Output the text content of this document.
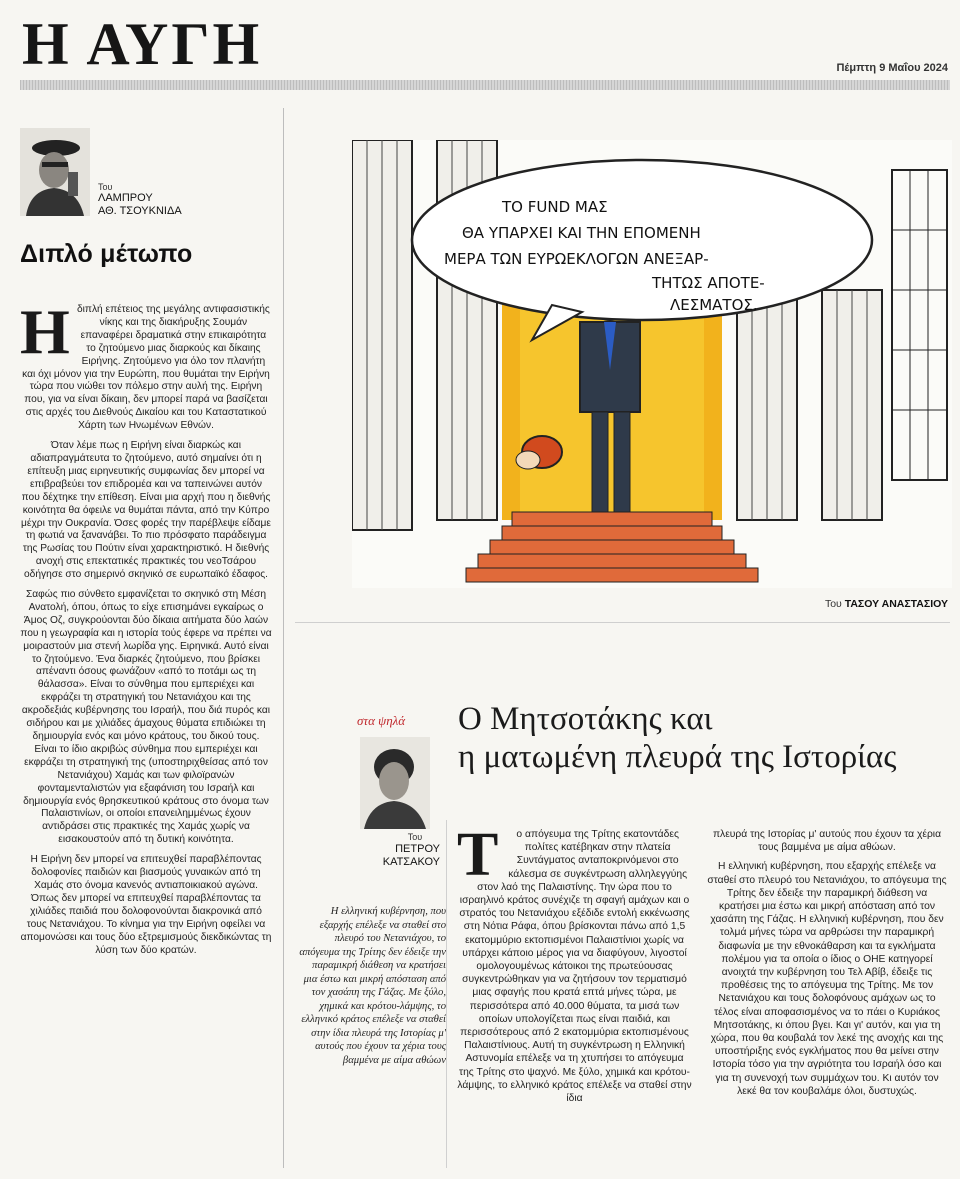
Η ΑΥΓΗ	Πέμπτη 9 Μαΐου 2024
Του
ΛΑΜΠΡΟΥ
ΑΘ. ΤΣΟΥΚΝΙΔΑ
Διπλό μέτωπο

Ηδιπλή επέτειος της μεγάλης αντιφασιστικής νίκης και της διακήρυξης Σουμάν επαναφέρει δραματικά στην επικαιρότητα το ζητούμενο μιας διαρκούς και δίκαιης Ειρήνης. Ζητούμενο για όλο τον πλανήτη και όχι μόνον για την Ευρώπη, που θυμάται την Ειρήνη τώρα που νιώθει τον πόλεμο στην αυλή της. Ειρήνη που, για να είναι δίκαιη, δεν μπορεί παρά να βασίζεται στις αρχές του Διεθνούς Δικαίου και του Καταστατικού Χάρτη των Ηνωμένων Εθνών.

Όταν λέμε πως η Ειρήνη είναι διαρκώς και αδιαπραγμάτευτα το ζητούμενο, αυτό σημαίνει ότι η επίτευξη μιας ειρηνευτικής συμφωνίας δεν μπορεί να επιβραβεύει τον επιδρομέα και να ταπεινώνει αυτόν που δέχτηκε την επίθεση. Είναι μια αρχή που η διεθνής κοινότητα θα όφειλε να θυμάται πάντα, από την Κύπρο μέχρι την Ουκρανία. Όσες φορές την παρέβλεψε είδαμε τη φωτιά να ξανανάβει. Το πιο πρόσφατο παράδειγμα της Ρωσίας του Πούτιν είναι χαρακτηριστικό. Η διεθνής ανοχή στις επεκτατικές πρακτικές του νεοΤσάρου οδήγησε στο σημερινό σκηνικό σε ευρωπαϊκό έδαφος.

Σαφώς πιο σύνθετο εμφανίζεται το σκηνικό στη Μέση Ανατολή, όπου, όπως το είχε επισημάνει εγκαίρως ο Άμος Οζ, συγκρούονται δύο δίκαια αιτήματα δύο λαών που η γεωγραφία και η ιστορία τούς έφερε να πρέπει να μοιραστούν μια στενή λωρίδα γης. Ειρηνικά. Αυτό είναι το ζητούμενο. Ένα διαρκές ζητούμενο, που βρίσκει απέναντι όσους φωνάζουν «από το ποτάμι ως τη θάλασσα». Είναι το σύνθημα που εμπεριέχει και εκφράζει τη στρατηγική του Νετανιάχου και της ακροδεξιάς κυβέρνησης του Ισραήλ, που διά πυρός και σιδήρου και με χιλιάδες άμαχους θύματα επιδιώκει τη δημιουργία ενός και μόνο κράτους, του δικού τους. Είναι το ίδιο ακριβώς σύνθημα που εμπεριέχει και εκφράζει τη στρατηγική της (υποστηριχθείσας από τον Νετανιάχου) Χαμάς και των φιλοϊρανών φονταμενταλιστών για εξαφάνιση του Ισραήλ και δημιουργία ενός θρησκευτικού κράτους στο όνομα των Παλαιστινίων, οι οποίοι επανειλημμένως έχουν αντιδράσει στις πρακτικές της Χαμάς χωρίς να εισακουστούν από τη δυτική κοινότητα.

Η Ειρήνη δεν μπορεί να επιτευχθεί παραβλέποντας δολοφονίες παιδιών και βιασμούς γυναικών από τη Χαμάς στο όνομα κανενός αντιαποικιακού αγώνα. Όπως δεν μπορεί να επιτευχθεί παραβλέποντας τα χιλιάδες παιδιά που δολοφονούνται διακρονικά από τους Νετανιάχου. Το κίνημα για την Ειρήνη οφείλει να απομονώσει και τους δύο εξτρεμισμούς διεκδικώντας τη λύση των δύο κρατών.

ΤΟ FUND ΜΑΣ
ΘΑ ΥΠΑΡΧΕΙ ΚΑΙ ΤΗΝ ΕΠΟΜΕΝΗ
ΜΕΡΑ ΤΩΝ ΕΥΡΩΕΚΛΟΓΩΝ ΑΝΕΞΑΡ-
ΤΗΤΩΣ ΑΠΟΤΕ-
ΛΕΣΜΑΤΟΣ.
Του ΤΑΣΟΥ ΑΝΑΣΤΑΣΙΟΥ
στα ψηλά Ο Μητσοτάκης και
η ματωμένη πλευρά της Ιστορίας
Του
ΠΕΤΡΟΥ
ΚΑΤΣΑΚΟΥ
Η ελληνική κυβέρνηση, που εξαρχής επέλεξε να σταθεί στο πλευρό του Νετανιάχου, το απόγευμα της Τρίτης δεν έδειξε την παραμικρή διάθεση να κρατήσει μια έστω και μικρή απόσταση από τον χασάπη της Γάζας. Με ξύλο, χημικά και κρότου-λάμψης, το ελληνικό κράτος επέλεξε να σταθεί στην ίδια πλευρά της Ιστορίας μ' αυτούς που έχουν τα χέρια τους βαμμένα με αίμα αθώων

Τ ο απόγευμα της Τρίτης εκατοντάδες πολίτες κατέβηκαν στην πλατεία Συντάγματος ανταποκρινόμενοι στο κάλεσμα σε συγκέντρωση αλληλεγγύης στον λαό της Παλαιστίνης. Την ώρα που το ισραηλινό κράτος συνέχιζε τη σφαγή αμάχων και ο στρατός του Νετανιάχου εξέδιδε εντολή εκκένωσης στη Νότια Ράφα, όπου βρίσκονται πάνω από 1,5 εκατομμύριο εκτοπισμένοι Παλαιστίνιοι χωρίς να υπάρχει κάποιο μέρος για να διαφύγουν, λιγοστοί ομολογουμένως κάτοικοι της πρωτεύουσας συγκεντρώθηκαν για να ζητήσουν τον τερματισμό μιας σφαγής που κρατά επτά μήνες τώρα, με περισσότερα από 40.000 θύματα, τα μισά των οποίων υπολογίζεται πως είναι παιδιά, και περισσότερους από 2 εκατομμύρια εκτοπισμένους Παλαιστίνιους. Αυτή τη συγκέντρωση η Ελληνική Αστυνομία επέλεξε να τη χτυπήσει το απόγευμα της Τρίτης στο ψαχνό. Με ξύλο, χημικά και κρότου-λάμψης, το ελληνικό κράτος επέλεξε να σταθεί στην ίδια

πλευρά της Ιστορίας μ' αυτούς που έχουν τα χέρια τους βαμμένα με αίμα αθώων.

Η ελληνική κυβέρνηση, που εξαρχής επέλεξε να σταθεί στο πλευρό του Νετανιάχου, το απόγευμα της Τρίτης δεν έδειξε την παραμικρή διάθεση να κρατήσει μια έστω και μικρή απόσταση από τον χασάπη της Γάζας. Η ελληνική κυβέρνηση, που δεν τολμά μήνες τώρα να αρθρώσει την παραμικρή διαφωνία με την εθνοκάθαρση και τα εγκλήματα πολέμου για τα οποία ο ίδιος ο ΟΗΕ κατηγορεί ανοιχτά την κυβέρνηση του Τελ Αβίβ, έδειξε τις προθέσεις της το απόγευμα της Τρίτης. Με τον Νετανιάχου και τους δολοφόνους αμάχων ως το τέλος είναι αποφασισμένος να το πάει ο Κυριάκος Μητσοτάκης, κι όπου βγει. Και γι' αυτόν, και για τη χώρα, που θα κουβαλά τον λεκέ της ανοχής και της υποστήριξης ενός εγκλήματος που θα μείνει στην Ιστορία τόσο για την αγριότητα του Ισραήλ όσο και για τη συνενοχή των συμμάχων του. Κι αυτόν τον λεκέ θα τον κουβαλάμε όλοι, δυστυχώς.
